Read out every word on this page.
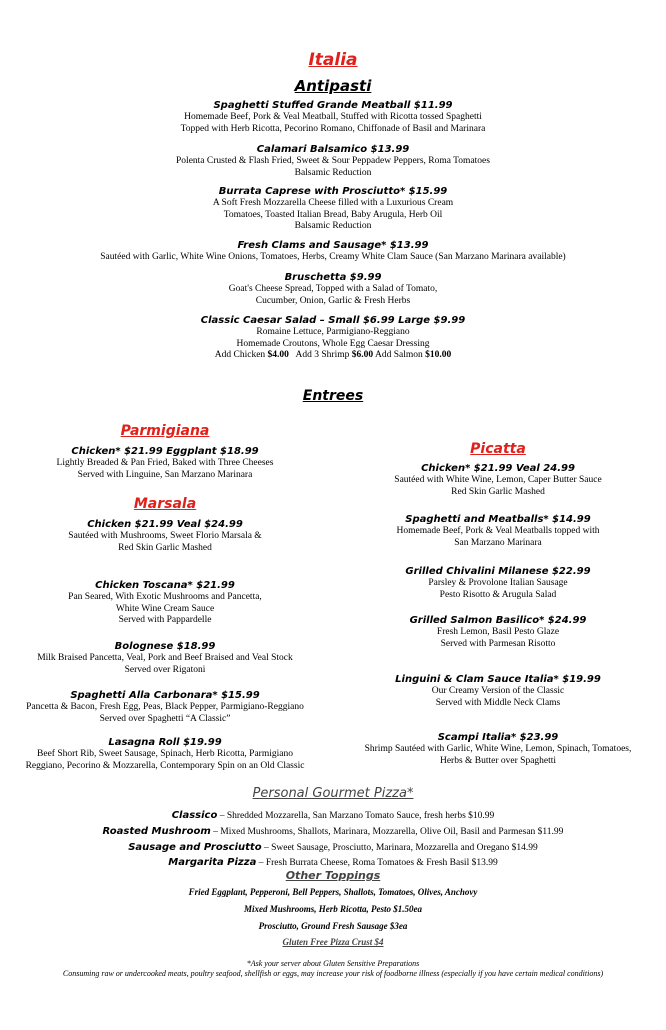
Italia
Antipasti
Spaghetti Stuffed Grande Meatball $11.99
Homemade Beef, Pork & Veal Meatball, Stuffed with Ricotta tossed Spaghetti
Topped with Herb Ricotta, Pecorino Romano, Chiffonade of Basil and Marinara
Calamari Balsamico $13.99
Polenta Crusted & Flash Fried, Sweet & Sour Peppadew Peppers, Roma Tomatoes
Balsamic Reduction
Burrata Caprese with Prosciutto* $15.99
A Soft Fresh Mozzarella Cheese filled with a Luxurious Cream
Tomatoes, Toasted Italian Bread, Baby Arugula, Herb Oil
Balsamic Reduction
Fresh Clams and Sausage* $13.99
Sautéed with Garlic, White Wine Onions, Tomatoes, Herbs, Creamy White Clam Sauce (San Marzano Marinara available)
Bruschetta $9.99
Goat's Cheese Spread, Topped with a Salad of Tomato,
Cucumber, Onion, Garlic & Fresh Herbs
Classic Caesar Salad – Small $6.99 Large $9.99
Romaine Lettuce, Parmigiano-Reggiano
Homemade Croutons, Whole Egg Caesar Dressing
Add Chicken $4.00   Add 3 Shrimp $6.00 Add Salmon $10.00
Entrees
Parmigiana
Chicken* $21.99 Eggplant $18.99
Lightly Breaded & Pan Fried, Baked with Three Cheeses
Served with Linguine, San Marzano Marinara
Marsala
Chicken $21.99 Veal $24.99
Sautéed with Mushrooms, Sweet Florio Marsala &
Red Skin Garlic Mashed
Chicken Toscana* $21.99
Pan Seared, With Exotic Mushrooms and Pancetta,
White Wine Cream Sauce
Served with Pappardelle
Bolognese $18.99
Milk Braised Pancetta, Veal, Pork and Beef Braised and Veal Stock
Served over Rigatoni
Spaghetti Alla Carbonara* $15.99
Pancetta & Bacon, Fresh Egg, Peas, Black Pepper, Parmigiano-Reggiano
Served over Spaghetti “A Classic”
Lasagna Roll $19.99
Beef Short Rib, Sweet Sausage, Spinach, Herb Ricotta, Parmigiano
Reggiano, Pecorino & Mozzarella, Contemporary Spin on an Old Classic
Picatta
Chicken* $21.99 Veal 24.99
Sautéed with White Wine, Lemon, Caper Butter Sauce
Red Skin Garlic Mashed
Spaghetti and Meatballs* $14.99
Homemade Beef, Pork & Veal Meatballs topped with
San Marzano Marinara
Grilled Chivalini Milanese $22.99
Parsley & Provolone Italian Sausage
Pesto Risotto & Arugula Salad
Grilled Salmon Basilico* $24.99
Fresh Lemon, Basil Pesto Glaze
Served with Parmesan Risotto
Linguini & Clam Sauce Italia* $19.99
Our Creamy Version of the Classic
Served with Middle Neck Clams
Scampi Italia* $23.99
Shrimp Sautéed with Garlic, White Wine, Lemon, Spinach, Tomatoes,
Herbs & Butter over Spaghetti
Personal Gourmet Pizza*
Classico – Shredded Mozzarella, San Marzano Tomato Sauce, fresh herbs $10.99
Roasted Mushroom – Mixed Mushrooms, Shallots, Marinara, Mozzarella, Olive Oil, Basil and Parmesan $11.99
Sausage and Prosciutto – Sweet Sausage, Prosciutto, Marinara, Mozzarella and Oregano $14.99
Margarita Pizza – Fresh Burrata Cheese, Roma Tomatoes & Fresh Basil $13.99
Other Toppings
Fried Eggplant, Pepperoni, Bell Peppers, Shallots, Tomatoes, Olives, Anchovy
Mixed Mushrooms, Herb Ricotta, Pesto $1.50ea
Prosciutto, Ground Fresh Sausage $3ea
Gluten Free Pizza Crust $4
*Ask your server about Gluten Sensitive Preparations
Consuming raw or undercooked meats, poultry seafood, shellfish or eggs, may increase your risk of foodborne illness (especially if you have certain medical conditions)
